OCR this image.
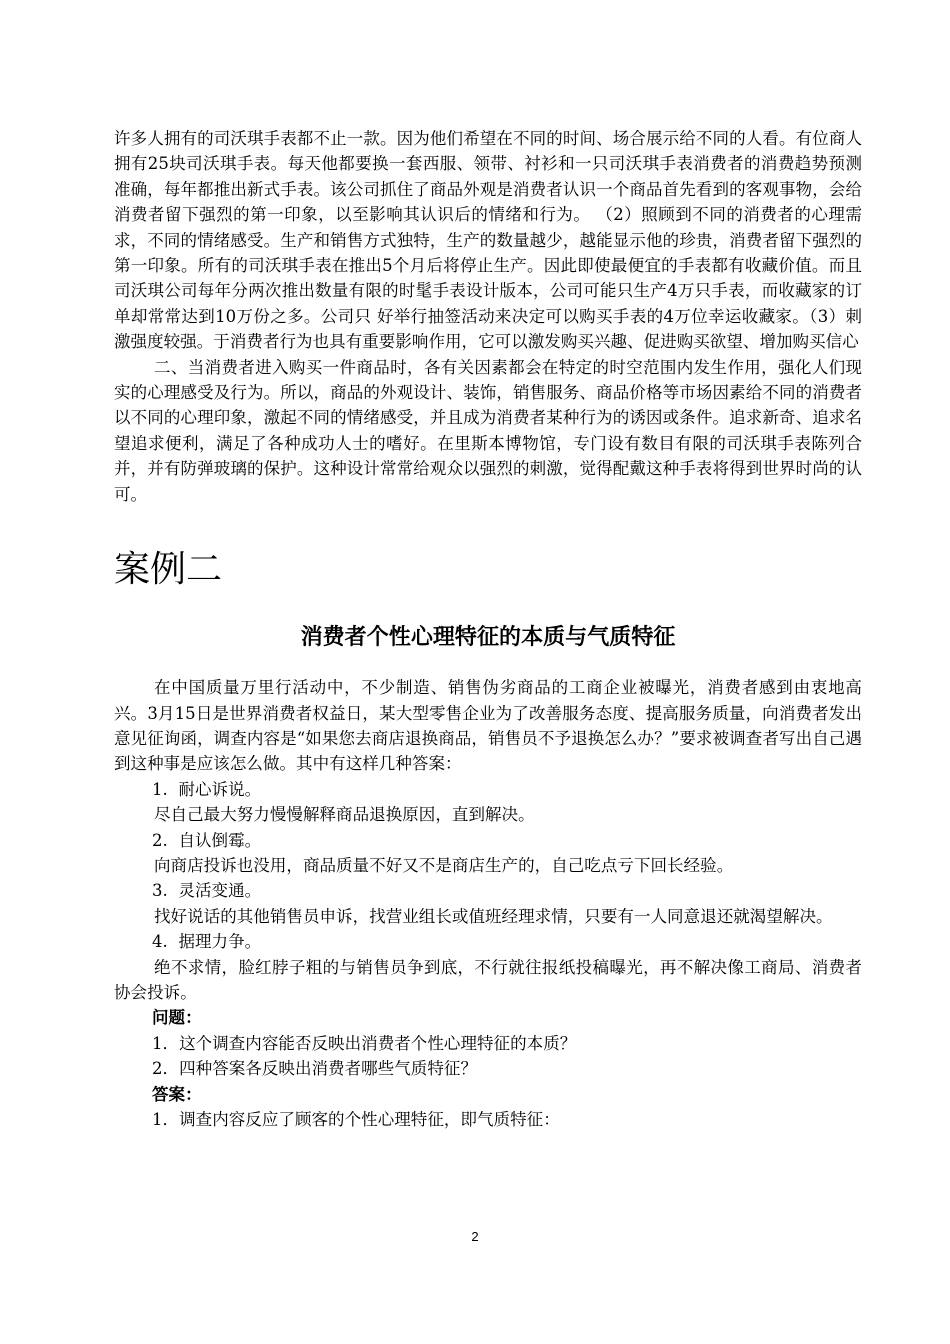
许多人拥有的司沃琪手表都不止一款。因为他们希望在不同的时间、场合展示给不同的人看。有位商人拥有25块司沃琪手表。每天他都要换一套西服、领带、衬衫和一只司沃琪手表消费者的消费趋势预测准确，每年都推出新式手表。该公司抓住了商品外观是消费者认识一个商品首先看到的客观事物，会给消费者留下强烈的第一印象，以至影响其认识后的情绪和行为。 （2）照顾到不同的消费者的心理需求，不同的情绪感受。生产和销售方式独特，生产的数量越少，越能显示他的珍贵，消费者留下强烈的第一印象。所有的司沃琪手表在推出5个月后将停止生产。因此即使最便宜的手表都有收藏价值。而且司沃琪公司每年分两次推出数量有限的时髦手表设计版本，公司可能只生产4万只手表，而收藏家的订单却常常达到10万份之多。公司只 好举行抽签活动来决定可以购买手表的4万位幸运收藏家。（3）刺激强度较强。于消费者行为也具有重要影响作用，它可以激发购买兴趣、促进购买欲望、增加购买信心

二、当消费者进入购买一件商品时，各有关因素都会在特定的时空范围内发生作用，强化人们现实的心理感受及行为。所以，商品的外观设计、装饰，销售服务、商品价格等市场因素给不同的消费者以不同的心理印象，激起不同的情绪感受，并且成为消费者某种行为的诱因或条件。追求新奇、追求名望追求便利，满足了各种成功人士的嗜好。在里斯本博物馆，专门设有数目有限的司沃琪手表陈列合并，并有防弹玻璃的保护。这种设计常常给观众以强烈的刺激，觉得配戴这种手表将得到世界时尚的认可。

案例二
消费者个性心理特征的本质与气质特征

在中国质量万里行活动中，不少制造、销售伪劣商品的工商企业被曝光，消费者感到由衷地高兴。3月15日是世界消费者权益日，某大型零售企业为了改善服务态度、提高服务质量，向消费者发出意见征询函，调查内容是“如果您去商店退换商品，销售员不予退换怎么办？”要求被调查者写出自己遇到这种事是应该怎么做。其中有这样几种答案：

1. 耐心诉说。

尽自己最大努力慢慢解释商品退换原因，直到解决。

2. 自认倒霉。

向商店投诉也没用，商品质量不好又不是商店生产的，自己吃点亏下回长经验。

3. 灵活变通。

找好说话的其他销售员申诉，找营业组长或值班经理求情，只要有一人同意退还就渴望解决。

4. 据理力争。

绝不求情，脸红脖子粗的与销售员争到底，不行就往报纸投稿曝光，再不解决像工商局、消费者协会投诉。

问题：

1．这个调查内容能否反映出消费者个性心理特征的本质？

2．四种答案各反映出消费者哪些气质特征？

答案：

1．调查内容反应了顾客的个性心理特征，即气质特征：

2
